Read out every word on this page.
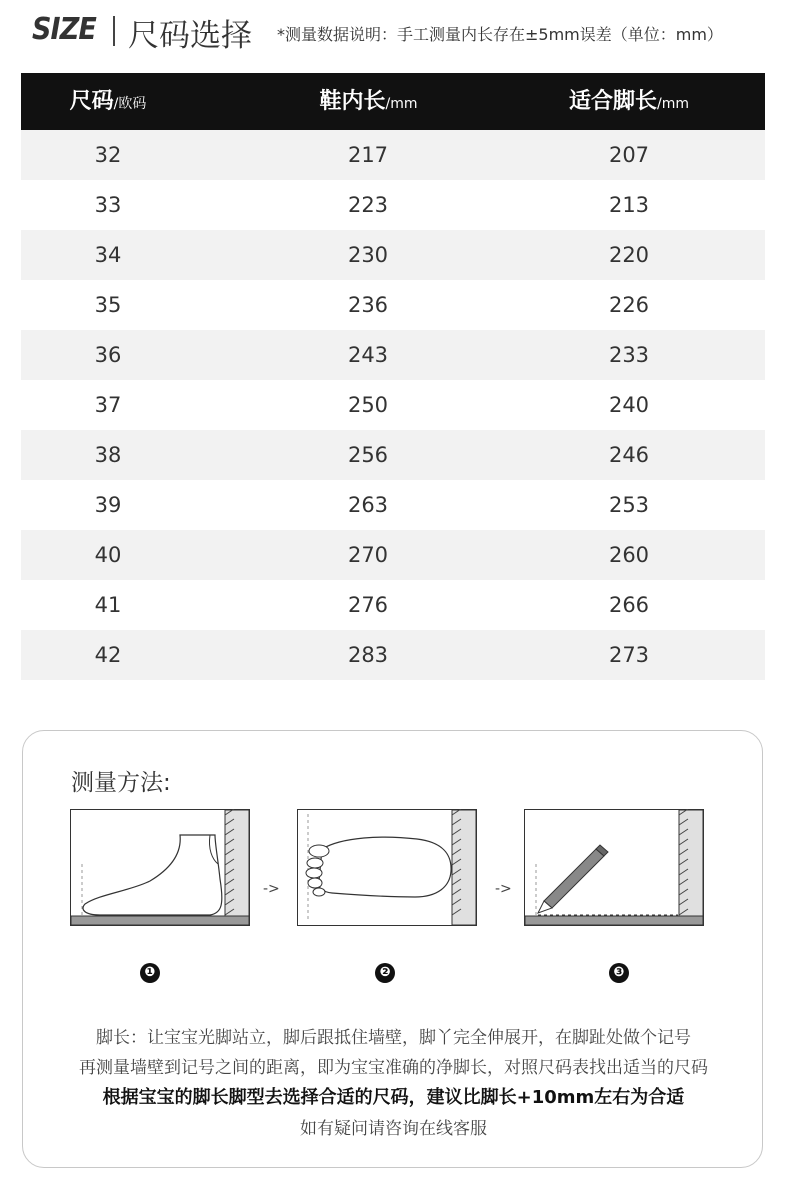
SIZE 尺码选择 *测量数据说明：手工测量内长存在±5mm误差（单位：mm）
尺码/欧码	鞋内长/mm	适合脚长/mm
32	217	207
33	223	213
34	230	220
35	236	226
36	243	233
37	250	240
38	256	246
39	263	253
40	270	260
41	276	266
42	283	273
测量方法:
->	->
❶	❷	❸
脚长：让宝宝光脚站立，脚后跟抵住墙壁，脚丫完全伸展开，在脚趾处做个记号
再测量墙壁到记号之间的距离，即为宝宝准确的净脚长，对照尺码表找出适当的尺码
根据宝宝的脚长脚型去选择合适的尺码，建议比脚长+10mm左右为合适
如有疑问请咨询在线客服
